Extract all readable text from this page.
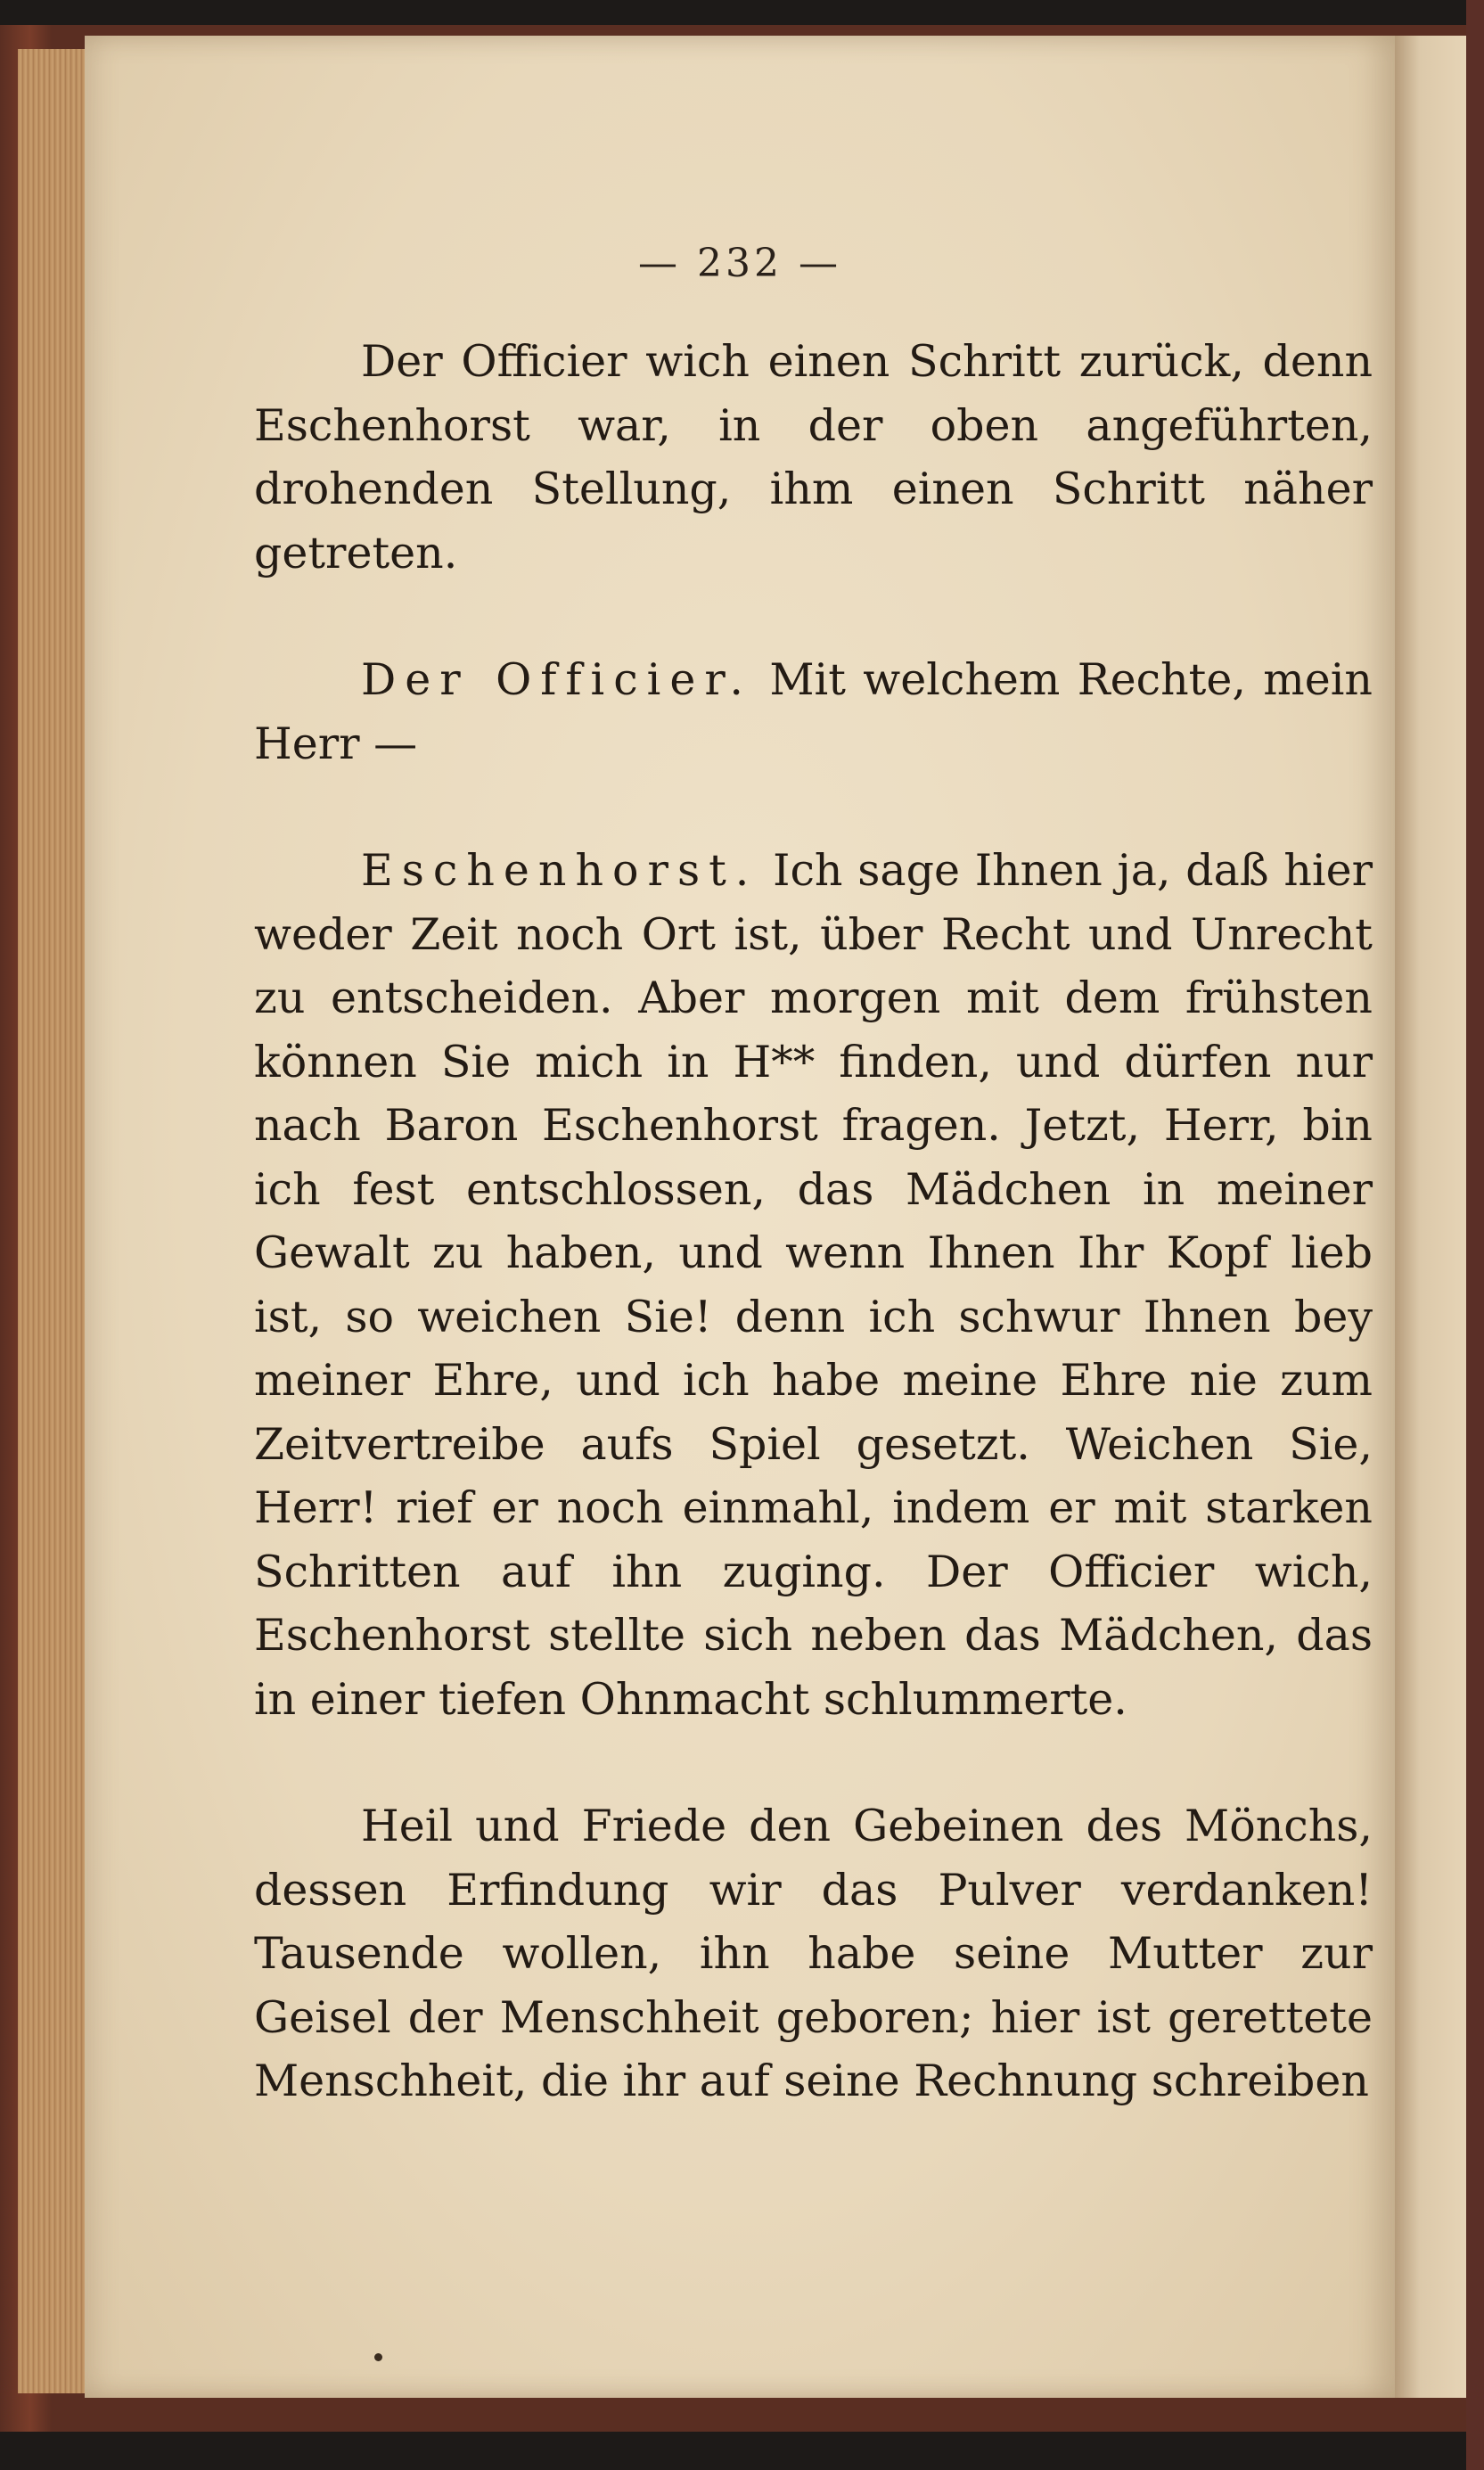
— 232 —

Der Officier wich einen Schritt zurück, denn Eschenhorst war, in der oben angeführten, drohenden Stellung, ihm einen Schritt näher getreten.

Der Officier. Mit welchem Rechte, mein Herr —

Eschenhorst. Ich sage Ihnen ja, daß hier weder Zeit noch Ort ist, über Recht und Unrecht zu entscheiden. Aber morgen mit dem frühsten können Sie mich in H** finden, und dürfen nur nach Baron Eschenhorst fragen. Jetzt, Herr, bin ich fest entschlossen, das Mädchen in meiner Gewalt zu haben, und wenn Ihnen Ihr Kopf lieb ist, so weichen Sie! denn ich schwur Ihnen bey meiner Ehre, und ich habe meine Ehre nie zum Zeitvertreibe aufs Spiel gesetzt. Weichen Sie, Herr! rief er noch einmahl, indem er mit starken Schritten auf ihn zuging. Der Officier wich, Eschenhorst stellte sich neben das Mädchen, das in einer tiefen Ohnmacht schlummerte.

Heil und Friede den Gebeinen des Mönchs, dessen Erfindung wir das Pulver verdanken! Tausende wollen, ihn habe seine Mutter zur Geisel der Menschheit geboren; hier ist gerettete Menschheit, die ihr auf seine Rechnung schreiben
